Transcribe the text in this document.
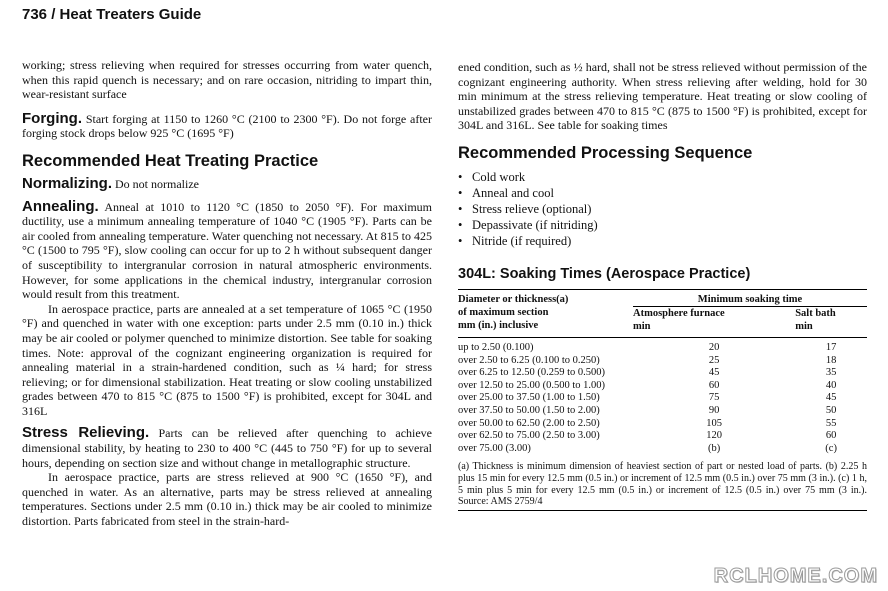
736 / Heat Treaters Guide

working; stress relieving when required for stresses occurring from water quench, when this rapid quench is necessary; and on rare occasion, nitriding to impart thin, wear-resistant surface

Forging. Start forging at 1150 to 1260 °C (2100 to 2300 °F). Do not forge after forging stock drops below 925 °C (1695 °F)

Recommended Heat Treating Practice

Normalizing. Do not normalize

Annealing. Anneal at 1010 to 1120 °C (1850 to 2050 °F). For maximum ductility, use a minimum annealing temperature of 1040 °C (1905 °F). Parts can be air cooled from annealing temperature. Water quenching not necessary. At 815 to 425 °C (1500 to 795 °F), slow cooling can occur for up to 2 h without subsequent danger of susceptibility to intergranular corrosion in natural atmospheric environments. However, for some applications in the chemical industry, intergranular corrosion would result from this treatment.

In aerospace practice, parts are annealed at a set temperature of 1065 °C (1950 °F) and quenched in water with one exception: parts under 2.5 mm (0.10 in.) thick may be air cooled or polymer quenched to minimize distortion. See table for soaking times. Note: approval of the cognizant engineering organization is required for annealing material in a strain-hardened condition, such as ¼ hard; for stress relieving; or for dimensional stabilization. Heat treating or slow cooling unstabilized grades between 470 to 815 °C (875 to 1500 °F) is prohibited, except for 304L and 316L

Stress Relieving. Parts can be relieved after quenching to achieve dimensional stability, by heating to 230 to 400 °C (445 to 750 °F) for up to several hours, depending on section size and without change in metallographic structure.

In aerospace practice, parts are stress relieved at 900 °C (1650 °F), and quenched in water. As an alternative, parts may be stress relieved at annealing temperatures. Sections under 2.5 mm (0.10 in.) thick may be air cooled to minimize distortion. Parts fabricated from steel in the strain-hard-

ened condition, such as ½ hard, shall not be stress relieved without permission of the cognizant engineering authority. When stress relieving after welding, hold for 30 min minimum at the stress relieving temperature. Heat treating or slow cooling of unstabilized grades between 470 to 815 °C (875 to 1500 °F) is prohibited, except for 304L and 316L. See table for soaking times

Recommended Processing Sequence
• Cold work
• Anneal and cool
• Stress relieve (optional)
• Depassivate (if nitriding)
• Nitride (if required)
304L: Soaking Times (Aerospace Practice)
Diameter or thickness(a)
of maximum section
mm (in.) inclusive	Minimum soaking time	
	Atmosphere furnace	Salt bath
	min	min

up to 2.50 (0.100)	20	17
over 2.50 to 6.25 (0.100 to 0.250)	25	18
over 6.25 to 12.50 (0.259 to 0.500)	45	35
over 12.50 to 25.00 (0.500 to 1.00)	60	40
over 25.00 to 37.50 (1.00 to 1.50)	75	45
over 37.50 to 50.00 (1.50 to 2.00)	90	50
over 50.00 to 62.50 (2.00 to 2.50)	105	55
over 62.50 to 75.00 (2.50 to 3.00)	120	60
over 75.00 (3.00)	(b)	(c)
(a) Thickness is minimum dimension of heaviest section of part or nested load of parts. (b) 2.25 h plus 15 min for every 12.5 mm (0.5 in.) or increment of 12.5 mm (0.5 in.) over 75 mm (3 in.). (c) 1 h, 5 min plus 5 min for every 12.5 mm (0.5 in.) or increment of 12.5 (0.5 in.) over 75 mm (3 in.). Source: AMS 2759/4
RCLHOME.COM
